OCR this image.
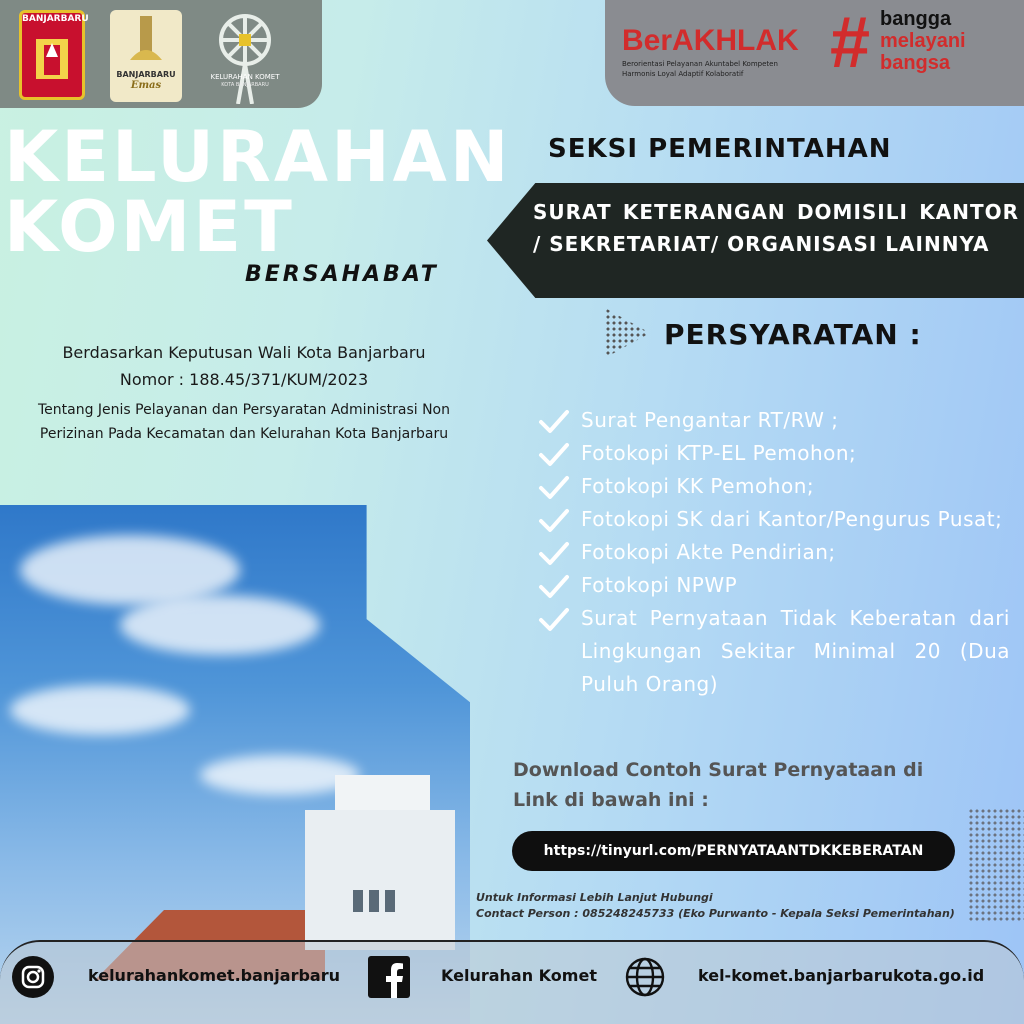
BANJARBARU
BANJARBARU
Emas
KELURAHAN KOMET
KOTA BANJARBARU
BerAKHLAK
Berorientasi Pelayanan Akuntabel Kompeten
Harmonis Loyal Adaptif Kolaboratif # bangga
melayani
bangsa
KELURAHAN
KOMET
BERSAHABAT
Berdasarkan Keputusan Wali Kota Banjarbaru
Nomor : 188.45/371/KUM/2023
Tentang Jenis Pelayanan dan Persyaratan Administrasi Non Perizinan Pada Kecamatan dan Kelurahan Kota Banjarbaru
SEKSI PEMERINTAHAN
SURAT KETERANGAN DOMISILI KANTOR / SEKRETARIAT/ ORGANISASI LAINNYA
PERSYARATAN :
Surat Pengantar RT/RW ;
Fotokopi KTP-EL Pemohon;
Fotokopi KK Pemohon;
Fotokopi SK dari Kantor/Pengurus Pusat;
Fotokopi Akte Pendirian;
Fotokopi NPWP
Surat Pernyataan Tidak Keberatan dari Lingkungan Sekitar Minimal 20 (Dua Puluh Orang)
Download Contoh Surat Pernyataan di Link di bawah ini :
https://tinyurl.com/PERNYATAANTDKKEBERATAN
Untuk Informasi Lebih Lanjut Hubungi
Contact Person : 085248245733 (Eko Purwanto - Kepala Seksi Pemerintahan)
kelurahankomet.banjarbaru	Kelurahan Komet	kel-komet.banjarbarukota.go.id
